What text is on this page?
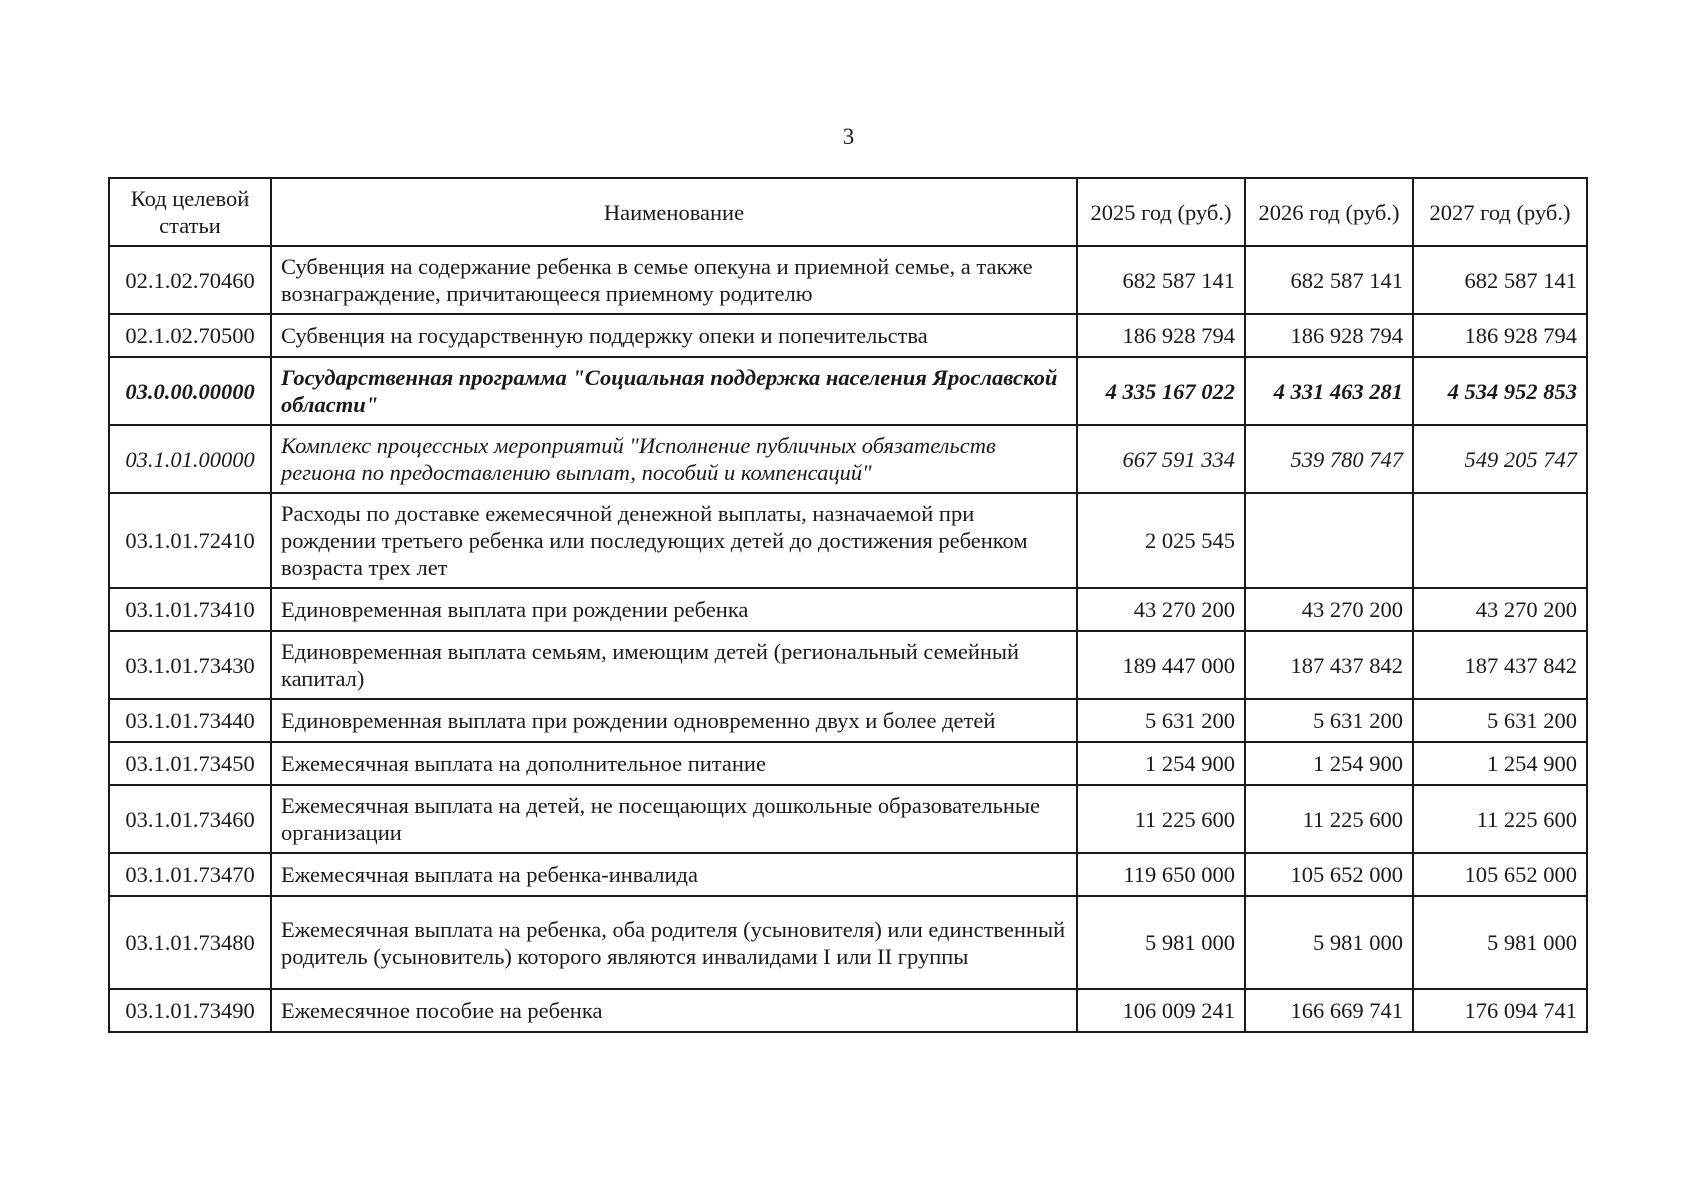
3
Код целевой статьи	Наименование	2025 год (руб.)	2026 год (руб.)	2027 год (руб.)
02.1.02.70460	Субвенция на содержание ребенка в семье опекуна и приемной семье, а также вознаграждение, причитающееся приемному родителю	682 587 141	682 587 141	682 587 141
02.1.02.70500	Субвенция на государственную поддержку опеки и попечительства	186 928 794	186 928 794	186 928 794
03.0.00.00000	Государственная программа "Социальная поддержка населения Ярославской области"	4 335 167 022	4 331 463 281	4 534 952 853
03.1.01.00000	Комплекс процессных мероприятий "Исполнение публичных обязательств региона по предоставлению выплат, пособий и компенсаций"	667 591 334	539 780 747	549 205 747
03.1.01.72410	Расходы по доставке ежемесячной денежной выплаты, назначаемой при рождении третьего ребенка или последующих детей до достижения ребенком возраста трех лет	2 025 545		
03.1.01.73410	Единовременная выплата при рождении ребенка	43 270 200	43 270 200	43 270 200
03.1.01.73430	Единовременная выплата семьям, имеющим детей (региональный семейный капитал)	189 447 000	187 437 842	187 437 842
03.1.01.73440	Единовременная выплата при рождении одновременно двух и более детей	5 631 200	5 631 200	5 631 200
03.1.01.73450	Ежемесячная выплата на дополнительное питание	1 254 900	1 254 900	1 254 900
03.1.01.73460	Ежемесячная выплата на детей, не посещающих дошкольные образовательные организации	11 225 600	11 225 600	11 225 600
03.1.01.73470	Ежемесячная выплата на ребенка-инвалида	119 650 000	105 652 000	105 652 000
03.1.01.73480	Ежемесячная выплата на ребенка, оба родителя (усыновителя) или единственный родитель (усыновитель) которого являются инвалидами I или II группы	5 981 000	5 981 000	5 981 000
03.1.01.73490	Ежемесячное пособие на ребенка	106 009 241	166 669 741	176 094 741
